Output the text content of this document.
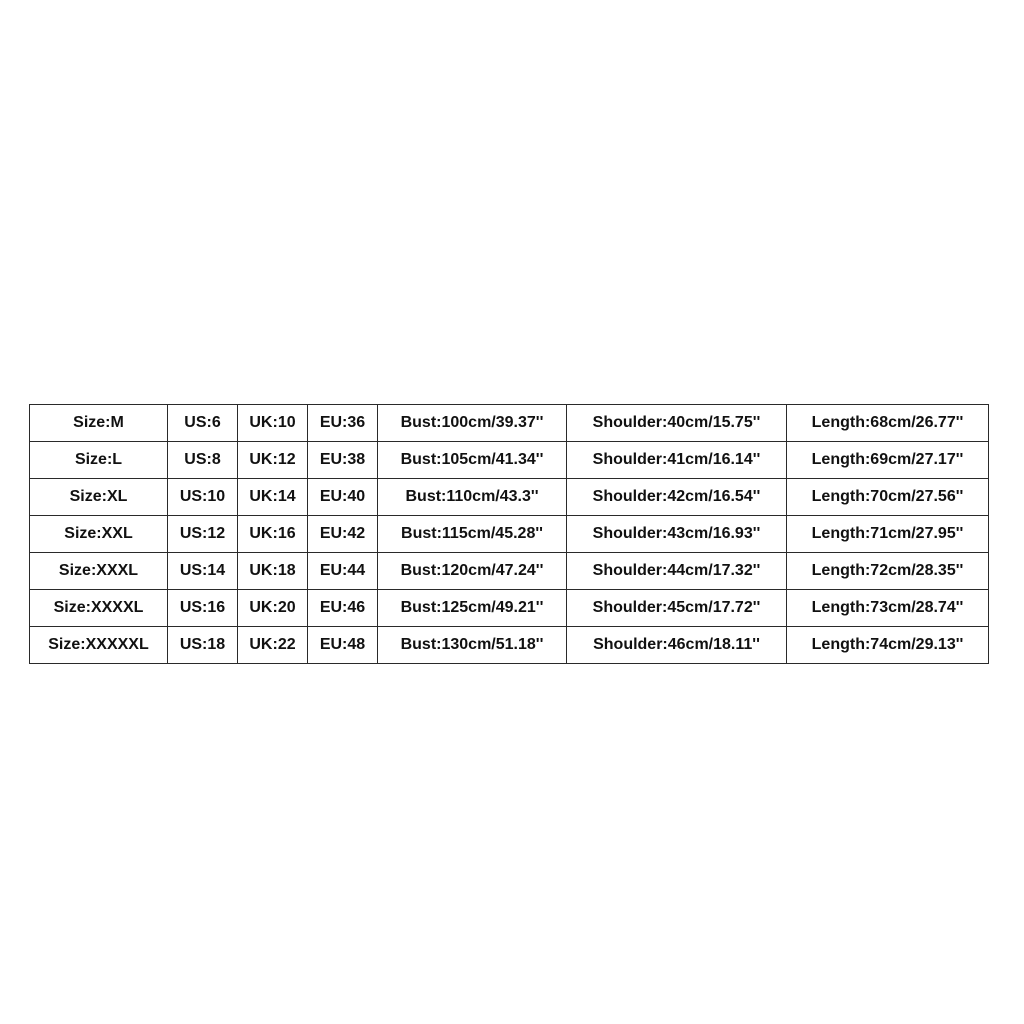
Size:M	US:6	UK:10	EU:36	Bust:100cm/39.37''	Shoulder:40cm/15.75''	Length:68cm/26.77''
Size:L	US:8	UK:12	EU:38	Bust:105cm/41.34''	Shoulder:41cm/16.14''	Length:69cm/27.17''
Size:XL	US:10	UK:14	EU:40	Bust:110cm/43.3''	Shoulder:42cm/16.54''	Length:70cm/27.56''
Size:XXL	US:12	UK:16	EU:42	Bust:115cm/45.28''	Shoulder:43cm/16.93''	Length:71cm/27.95''
Size:XXXL	US:14	UK:18	EU:44	Bust:120cm/47.24''	Shoulder:44cm/17.32''	Length:72cm/28.35''
Size:XXXXL	US:16	UK:20	EU:46	Bust:125cm/49.21''	Shoulder:45cm/17.72''	Length:73cm/28.74''
Size:XXXXXL	US:18	UK:22	EU:48	Bust:130cm/51.18''	Shoulder:46cm/18.11''	Length:74cm/29.13''
